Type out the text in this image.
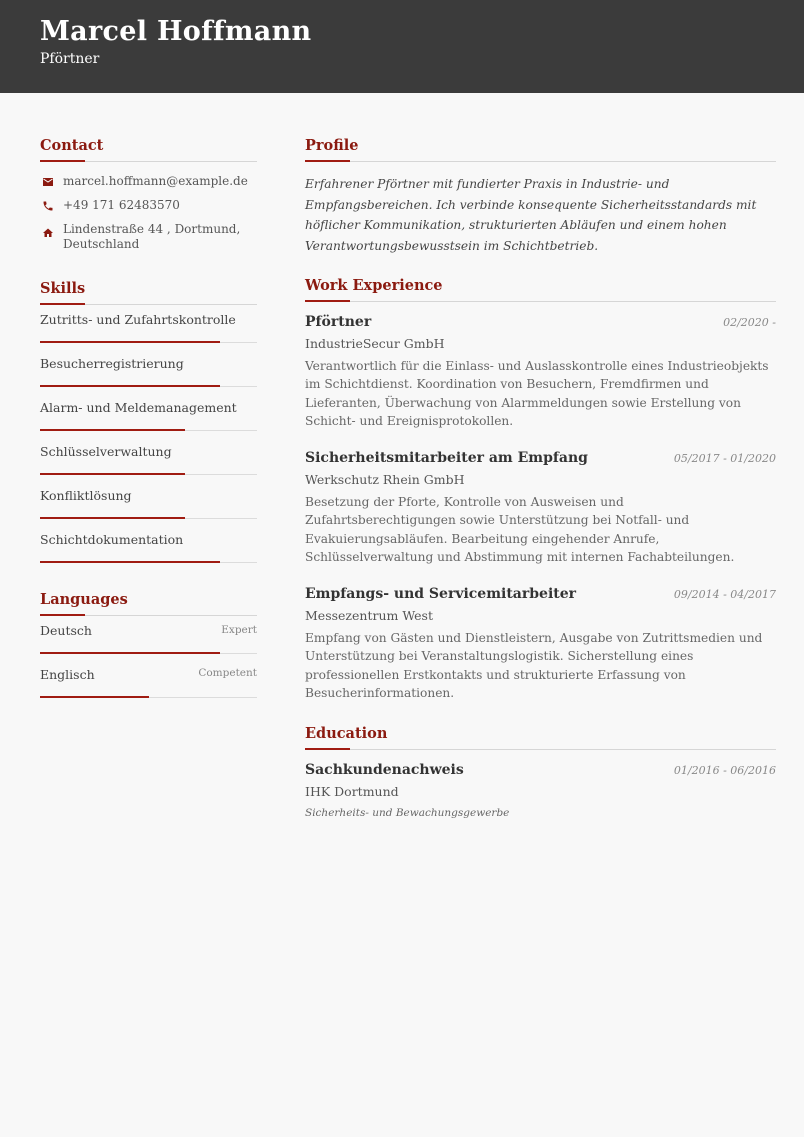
Marcel Hoffmann
Pförtner
Contact
marcel.hoffmann@example.de
+49 171 62483570
Lindenstraße 44 , Dortmund,
Deutschland
Skills
Zutritts- und Zufahrtskontrolle
Besucherregistrierung
Alarm- und Meldemanagement
Schlüsselverwaltung
Konfliktlösung
Schichtdokumentation
Languages
Deutsch	Expert
Englisch	Competent
Profile
Erfahrener Pförtner mit fundierter Praxis in Industrie- und Empfangsbereichen. Ich verbinde konsequente Sicherheitsstandards mit höflicher Kommunikation, strukturierten Abläufen und einem hohen Verantwortungsbewusstsein im Schichtbetrieb.
Work Experience
Pförtner	02/2020 -
IndustrieSecur GmbH
Verantwortlich für die Einlass- und Auslasskontrolle eines Industrieobjekts im Schichtdienst. Koordination von Besuchern, Fremdfirmen und Lieferanten, Überwachung von Alarmmeldungen sowie Erstellung von Schicht- und Ereignisprotokollen.
Sicherheitsmitarbeiter am Empfang	05/2017 - 01/2020
Werkschutz Rhein GmbH
Besetzung der Pforte, Kontrolle von Ausweisen und Zufahrtsberechtigungen sowie Unterstützung bei Notfall- und Evakuierungsabläufen. Bearbeitung eingehender Anrufe, Schlüsselverwaltung und Abstimmung mit internen Fachabteilungen.
Empfangs- und Servicemitarbeiter	09/2014 - 04/2017
Messezentrum West
Empfang von Gästen und Dienstleistern, Ausgabe von Zutrittsmedien und Unterstützung bei Veranstaltungslogistik. Sicherstellung eines professionellen Erstkontakts und strukturierte Erfassung von Besucherinformationen.
Education
Sachkundenachweis	01/2016 - 06/2016
IHK Dortmund
Sicherheits- und Bewachungsgewerbe
